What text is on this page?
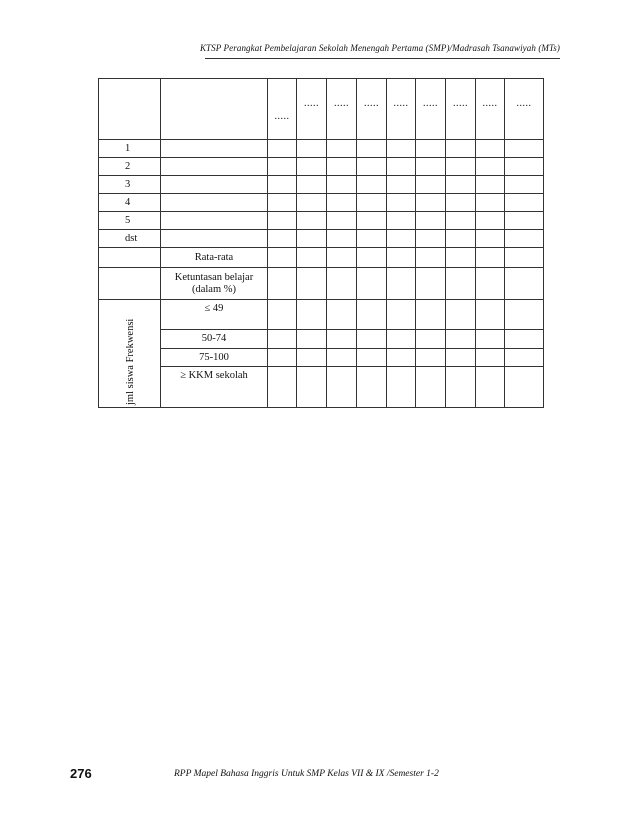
KTSP Perangkat Pembelajaran Sekolah Menengah Pertama (SMP)/Madrasah Tsanawiyah (MTs)
		.....	.....	.....	.....	.....	.....	.....	.....	.....
1										
2										
3										
4										
5										
dst										
	Rata-rata									
	Ketuntasan belajar
(dalam %)									

jml siswa Frekwensi	≤ 49									
	50-74									
	75-100									
	≥ KKM sekolah									
276	RPP Mapel Bahasa Inggris Untuk SMP Kelas VII & IX /Semester 1-2
